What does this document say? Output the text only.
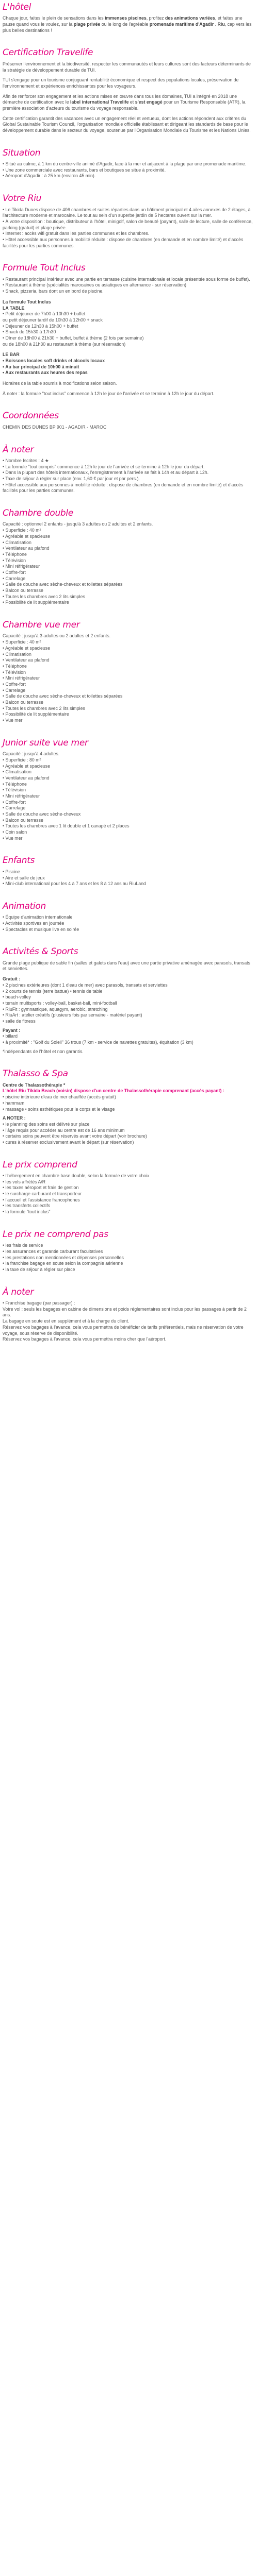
L'hôtel

Chaque jour, faites le plein de sensations dans les immenses piscines, profitez des animations variées, et faites une pause quand vous le voulez, sur la plage privée ou le long de l'agréable promenade maritime d'Agadir . Riu, cap vers les plus belles destinations !

Certification Travelife

Préserver l'environnement et la biodiversité, respecter les communautés et leurs cultures sont des facteurs déterminants de la stratégie de développement durable de TUI.

TUI s'engage pour un tourisme conjuguant rentabilité économique et respect des populations locales, préservation de l'environnement et expériences enrichissantes pour les voyageurs.

Afin de renforcer son engagement et les actions mises en œuvre dans tous les domaines, TUI a intégré en 2018 une démarche de certification avec le label international Travelife et s'est engagé pour un Tourisme Responsable (ATR), la première association d'acteurs du tourisme du voyage responsable.

Cette certification garantit des vacances avec un engagement réel et vertueux, dont les actions répondent aux critères du Global Sustainable Tourism Council, l'organisation mondiale officielle établissant et dirigeant les standards de base pour le développement durable dans le secteur du voyage, soutenue par l'Organisation Mondiale du Tourisme et les Nations Unies.

Situation
• Situé au calme, à 1 km du centre-ville animé d'Agadir, face à la mer et adjacent à la plage par une promenade maritime.
• Une zone commerciale avec restaurants, bars et boutiques se situe à proximité.
• Aéroport d'Agadir : à 25 km (environ 45 min).
Votre Riu
• Le Tikida Dunes dispose de 406 chambres et suites réparties dans un bâtiment principal et 4 ailes annexes de 2 étages, à l'architecture moderne et marocaine. Le tout au sein d'un superbe jardin de 5 hectares ouvert sur la mer.
• À votre disposition : boutique, distributeur à l'hôtel, minigolf, salon de beauté (payant), salle de lecture, salle de conférence, parking (gratuit) et plage privée.
• Internet : accès wifi gratuit dans les parties communes et les chambres.
• Hôtel accessible aux personnes à mobilité réduite : dispose de chambres (en demande et en nombre limité) et d'accès facilités pour les parties communes.
Formule Tout Inclus
• Restaurant principal intérieur avec une partie en terrasse (cuisine internationale et locale présentée sous forme de buffet).
• Restaurant à thème (spécialités marocaines ou asiatiques en alternance - sur réservation)
• Snack, pizzeria, bars dont un en bord de piscine.
La formule Tout Inclus
LA TABLE
• Petit déjeuner de 7h00 à 10h30 + buffet
ou petit déjeuner tardif de 10h30 à 12h00 + snack
• Déjeuner de 12h30 à 15h00 + buffet
• Snack de 15h30 à 17h30
• Dîner de 18h00 à 21h30 + buffet, buffet à thème (2 fois par semaine)
ou de 18h00 à 21h30 au restaurant à thème (sur réservation)
LE BAR
• Boissons locales soft drinks et alcools locaux
• Au bar principal de 10h00 à minuit
• Aux restaurants aux heures des repas

Horaires de la table soumis à modifications selon saison.

À noter : la formule "tout inclus" commence à 12h le jour de l'arrivée et se termine à 12h le jour du départ.

Coordonnées

CHEMIN DES DUNES BP 901 - AGADIR - MAROC

À noter
• Nombre Iscrites : 4 ★
• La formule "tout compris" commence à 12h le jour de l'arrivée et se termine à 12h le jour du départ.
• Dans la plupart des hôtels internationaux, l'enregistrement à l'arrivée se fait à 14h et au départ à 12h.
• Taxe de séjour à régler sur place (env. 1,60 € par jour et par pers.).
• Hôtel accessible aux personnes à mobilité réduite : dispose de chambres (en demande et en nombre limité) et d'accès facilités pour les parties communes.
Chambre double
Capacité : optionnel 2 enfants - jusqu'à 3 adultes ou 2 adultes et 2 enfants.
• Superficie : 40 m²
• Agréable et spacieuse
• Climatisation
• Ventilateur au plafond
• Téléphone
• Télévision
• Mini réfrigérateur
• Coffre-fort
• Carrelage
• Salle de douche avec sèche-cheveux et toilettes séparées
• Balcon ou terrasse
• Toutes les chambres avec 2 lits simples
• Possibilité de lit supplémentaire
Chambre vue mer
Capacité : jusqu'à 3 adultes ou 2 adultes et 2 enfants.
• Superficie : 40 m²
• Agréable et spacieuse
• Climatisation
• Ventilateur au plafond
• Téléphone
• Télévision
• Mini réfrigérateur
• Coffre-fort
• Carrelage
• Salle de douche avec sèche-cheveux et toilettes séparées
• Balcon ou terrasse
• Toutes les chambres avec 2 lits simples
• Possibilité de lit supplémentaire
• Vue mer
Junior suite vue mer
Capacité : jusqu'à 4 adultes.
• Superficie : 80 m²
• Agréable et spacieuse
• Climatisation
• Ventilateur au plafond
• Téléphone
• Télévision
• Mini réfrigérateur
• Coffre-fort
• Carrelage
• Salle de douche avec sèche-cheveux
• Balcon ou terrasse
• Toutes les chambres avec 1 lit double et 1 canapé et 2 places
• Coin salon
• Vue mer
Enfants
• Piscine
• Aire et salle de jeux
• Mini-club international pour les 4 à 7 ans et les 8 à 12 ans au RiuLand
Animation
• Équipe d'animation internationale
• Activités sportives en journée
• Spectacles et musique live en soirée
Activités & Sports

Grande plage publique de sable fin (salles et galets dans l'eau) avec une partie privative aménagée avec parasols, transats et serviettes.

Gratuit :
• 2 piscines extérieures (dont 1 d'eau de mer) avec parasols, transats et serviettes
• 2 courts de tennis (terre battue) • tennis de table
• beach-volley
• terrain multisports : volley-ball, basket-ball, mini-football
• RiuFit : gymnastique, aquagym, aerobic, stretching
• RiuArt : atelier créatifs (plusieurs fois par semaine - matériel payant)
• salle de fitness
Payant :
• billard
• à proximité* : "Golf du Soleil" 36 trous (7 km - service de navettes gratuites), équitation (3 km)

*indépendants de l'hôtel et non garantis.

Thalasso & Spa
Centre de Thalassothérapie *
L'hôtel Riu Tikida Beach (voisin) dispose d'un centre de Thalassothérapie comprenant (accès payant) :
• piscine intérieure d'eau de mer chauffée (accès gratuit)
• hammam
• massage • soins esthétiques pour le corps et le visage
A NOTER :
• le planning des soins est délivré sur place
• l'âge requis pour accéder au centre est de 16 ans minimum
• certains soins peuvent être réservés avant votre départ (voir brochure)
• cures à réserver exclusivement avant le départ (sur réservation)
Le prix comprend
• l'hébergement en chambre base double, selon la formule de votre choix
• les vols affrétés A/R
• les taxes aéroport et frais de gestion
• le surcharge carburant et transporteur
• l'accueil et l'assistance francophones
• les transferts collectifs
• la formule "tout inclus"
Le prix ne comprend pas
• les frais de service
• les assurances et garantie carburant facultatives
• les prestations non mentionnées et dépenses personnelles
• la franchise bagage en soute selon la compagnie aérienne
• la taxe de séjour à régler sur place
À noter
• Franchise bagage (par passager) :
Votre vol : seuls les bagages en cabine de dimensions et poids réglementaires sont inclus pour les passages à partir de 2 ans.
La bagage en soute est en supplément et à la charge du client.
Réservez vos bagages à l'avance, cela vous permettra de bénéficier de tarifs préférentiels, mais ne réservation de votre voyage, sous réserve de disponibilité.
Réservez vos bagages à l'avance, cela vous permettra moins cher que l'aéroport.
